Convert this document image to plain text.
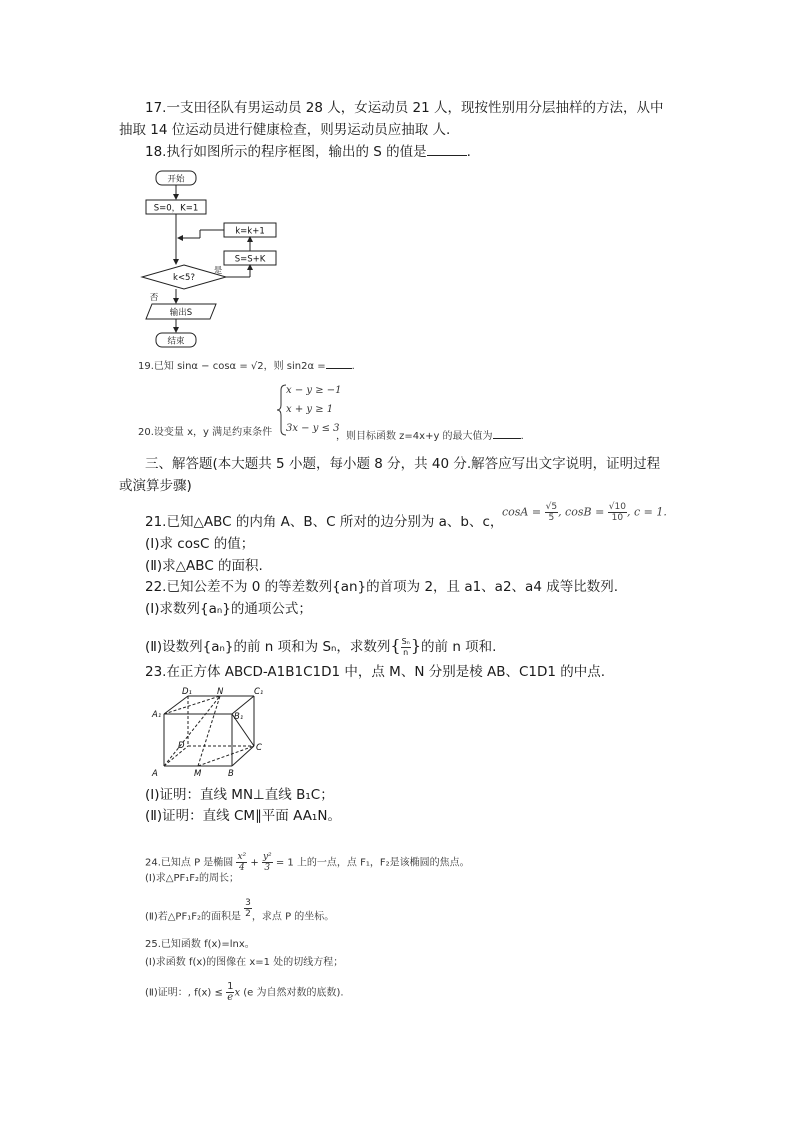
17.一支田径队有男运动员 28 人，女运动员 21 人，现按性别用分层抽样的方法，从中
抽取 14 位运动员进行健康检查，则男运动员应抽取 人.
18.执行如图所示的程序框图，输出的 S 的值是	.
开始
S=0，K=1
k=k+1
S=S+K
k<5?
是
否
输出S
结束
19.已知 sinα − cosα = √2，则 sin2α =	.
x − y ≥ −1
x + y ≥ 1
3x − y ≤ 3
20.设变量 x，y 满足约束条件	，则目标函数 z=4x+y 的最大值为	.
三、解答题(本大题共 5 小题，每小题 8 分，共 40 分.解答应写出文字说明，证明过程
或演算步骤)
21.已知△ABC 的内角 A、B、C 所对的边分别为 a、b、c，
$\cos A = \frac{√5}{5}$ , $\cos B = \frac{√10}{10}$ , c = 1.
(Ⅰ)求 cosC 的值；
(Ⅱ)求△ABC 的面积.
22.已知公差不为 0 的等差数列{an}的首项为 2，且 a1、a2、a4 成等比数列.
(Ⅰ)求数列{aₙ}的通项公式；
(Ⅱ)设数列{aₙ}的前 n 项和为 Sₙ，求数列{ $\frac{\text{Sₙ}}{n}$ }的前 n 项和.
23.在正方体 ABCD-A1B1C1D1 中，点 M、N 分别是棱 AB、C1D1 的中点.
A	B
C
D
A₁	B₁
C₁
D₁
M
N
(Ⅰ)证明：直线 MN⊥直线 B₁C；
(Ⅱ)证明：直线 CM∥平面 AA₁N。
24.已知点 P 是椭圆 $\frac{\text{x²}}{4} + \frac{\text{y²}}{3} = 1$ 上的一点，点 F₁，F₂是该椭圆的焦点。
(Ⅰ)求△PF₁F₂的周长；
(Ⅱ)若△PF₁F₂的面积是 $\frac{3}{2}$ ，求点 P 的坐标。
25.已知函数 f(x)=lnx。
(Ⅰ)求函数 f(x)的图像在 x=1 处的切线方程；
(Ⅱ)证明：, $f(x) \le \frac{1}{e}$ x (e 为自然对数的底数).
